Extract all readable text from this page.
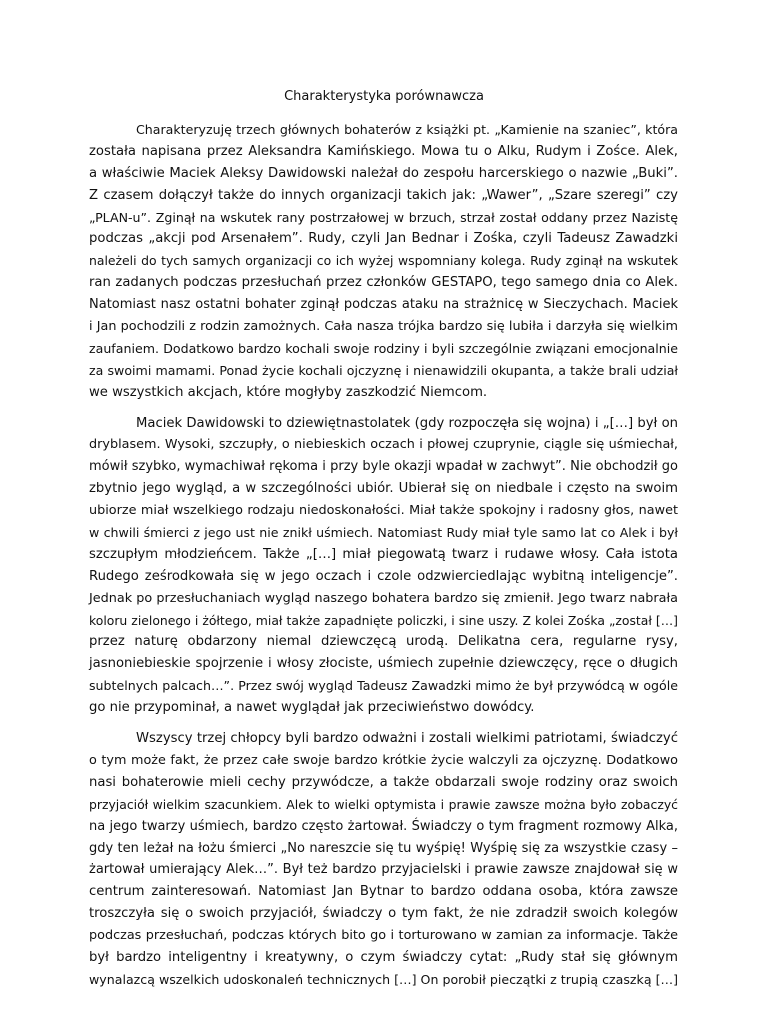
Charakterystyka porównawcza

Charakteryzuję trzech głównych bohaterów z książki pt. „Kamienie na szaniec”, która
została napisana przez Aleksandra Kamińskiego. Mowa tu o Alku, Rudym i Zośce. Alek,
a właściwie Maciek Aleksy Dawidowski należał do zespołu harcerskiego o nazwie „Buki”.
Z czasem dołączył także do innych organizacji takich jak: „Wawer”, „Szare szeregi” czy
„PLAN-u”. Zginął na wskutek rany postrzałowej w brzuch, strzał został oddany przez Nazistę
podczas „akcji pod Arsenałem”. Rudy, czyli Jan Bednar i Zośka, czyli Tadeusz Zawadzki
należeli do tych samych organizacji co ich wyżej wspomniany kolega. Rudy zginął na wskutek
ran zadanych podczas przesłuchań przez członków GESTAPO, tego samego dnia co Alek.
Natomiast nasz ostatni bohater zginął podczas ataku na strażnicę w Sieczychach. Maciek
i Jan pochodzili z rodzin zamożnych. Cała nasza trójka bardzo się lubiła i darzyła się wielkim
zaufaniem. Dodatkowo bardzo kochali swoje rodziny i byli szczególnie związani emocjonalnie
za swoimi mamami. Ponad życie kochali ojczyznę i nienawidzili okupanta, a także brali udział
we wszystkich akcjach, które mogłyby zaszkodzić Niemcom.

Maciek Dawidowski to dziewiętnastolatek (gdy rozpoczęła się wojna) i „[…] był on
dryblasem. Wysoki, szczupły, o niebieskich oczach i płowej czuprynie, ciągle się uśmiechał,
mówił szybko, wymachiwał rękoma i przy byle okazji wpadał w zachwyt”. Nie obchodził go
zbytnio jego wygląd, a w szczególności ubiór. Ubierał się on niedbale i często na swoim
ubiorze miał wszelkiego rodzaju niedoskonałości. Miał także spokojny i radosny głos, nawet
w chwili śmierci z jego ust nie znikł uśmiech. Natomiast Rudy miał tyle samo lat co Alek i był
szczupłym młodzieńcem. Także „[…] miał piegowatą twarz i rudawe włosy. Cała istota
Rudego ześrodkowała się w jego oczach i czole odzwierciedlając wybitną inteligencje”.
Jednak po przesłuchaniach wygląd naszego bohatera bardzo się zmienił. Jego twarz nabrała
koloru zielonego i żółtego, miał także zapadnięte policzki, i sine uszy. Z kolei Zośka „został […]
przez naturę obdarzony niemal dziewczęcą urodą. Delikatna cera, regularne rysy,
jasnoniebieskie spojrzenie i włosy złociste, uśmiech zupełnie dziewczęcy, ręce o długich
subtelnych palcach…”. Przez swój wygląd Tadeusz Zawadzki mimo że był przywódcą w ogóle
go nie przypominał, a nawet wyglądał jak przeciwieństwo dowódcy.

Wszyscy trzej chłopcy byli bardzo odważni i zostali wielkimi patriotami, świadczyć
o tym może fakt, że przez całe swoje bardzo krótkie życie walczyli za ojczyznę. Dodatkowo
nasi bohaterowie mieli cechy przywódcze, a także obdarzali swoje rodziny oraz swoich
przyjaciół wielkim szacunkiem. Alek to wielki optymista i prawie zawsze można było zobaczyć
na jego twarzy uśmiech, bardzo często żartował. Świadczy o tym fragment rozmowy Alka,
gdy ten leżał na łożu śmierci „No nareszcie się tu wyśpię! Wyśpię się za wszystkie czasy –
żartował umierający Alek…”. Był też bardzo przyjacielski i prawie zawsze znajdował się w
centrum zainteresowań. Natomiast Jan Bytnar to bardzo oddana osoba, która zawsze
troszczyła się o swoich przyjaciół, świadczy o tym fakt, że nie zdradził swoich kolegów
podczas przesłuchań, podczas których bito go i torturowano w zamian za informacje. Także
był bardzo inteligentny i kreatywny, o czym świadczy cytat: „Rudy stał się głównym
wynalazcą wszelkich udoskonaleń technicznych […] On porobił pieczątki z trupią czaszką […]
